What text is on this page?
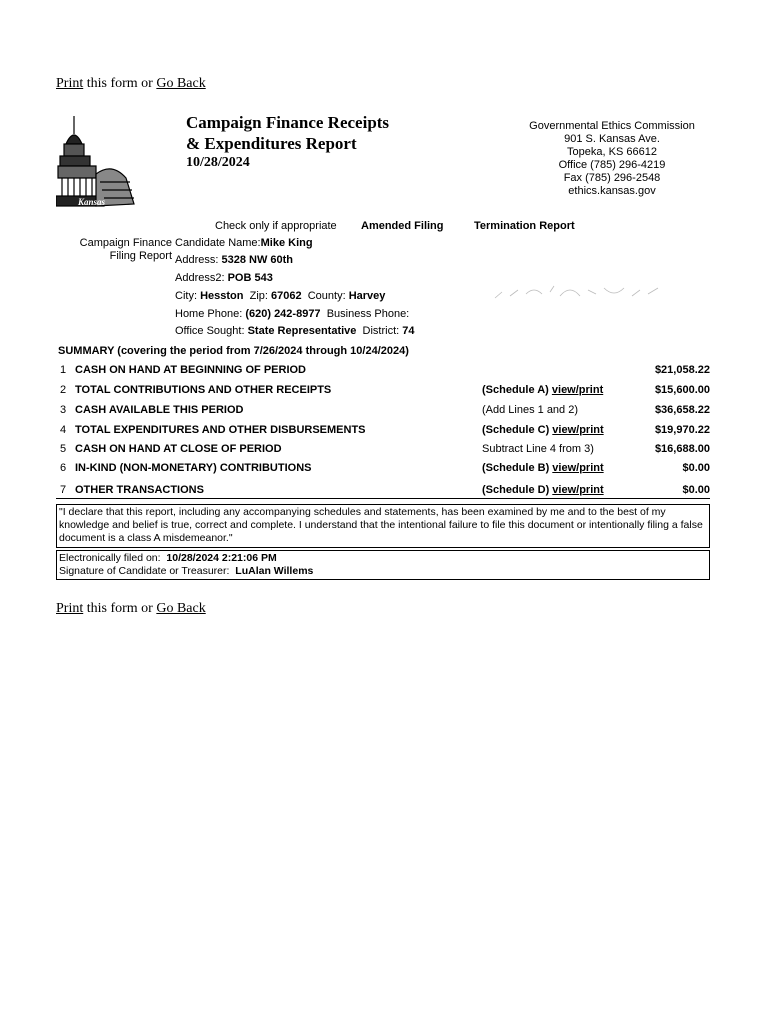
Print this form or Go Back
Kansas
Campaign Finance Receipts
& Expenditures Report
10/28/2024
Governmental Ethics Commission
901 S. Kansas Ave.
Topeka, KS 66612
Office (785) 296-4219
Fax (785) 296-2548
ethics.kansas.gov
Check only if appropriate Amended Filing	Termination Report
Campaign Finance
Filing Report
Candidate Name:Mike King
Address: 5328 NW 60th
Address2: POB 543
City: Hesston Zip: 67062 County: Harvey
Home Phone: (620) 242-8977 Business Phone:
Office Sought: State Representative District: 74
SUMMARY (covering the period from 7/26/2024 through 10/24/2024)
1 CASH ON HAND AT BEGINNING OF PERIOD	$21,058.22
2 TOTAL CONTRIBUTIONS AND OTHER RECEIPTS	(Schedule A) view/print	$15,600.00
3 CASH AVAILABLE THIS PERIOD	(Add Lines 1 and 2)	$36,658.22
4 TOTAL EXPENDITURES AND OTHER DISBURSEMENTS	(Schedule C) view/print	$19,970.22
5 CASH ON HAND AT CLOSE OF PERIOD	Subtract Line 4 from 3)	$16,688.00
6 IN-KIND (NON-MONETARY) CONTRIBUTIONS	(Schedule B) view/print	$0.00
7 OTHER TRANSACTIONS	(Schedule D) view/print	$0.00
"I declare that this report, including any accompanying schedules and statements, has been examined by me and to the best of my knowledge and belief is true, correct and complete. I understand that the intentional failure to file this document or intentionally filing a false document is a class A misdemeanor."
Electronically filed on: 10/28/2024 2:21:06 PM
Signature of Candidate or Treasurer: LuAlan Willems
Print this form or Go Back
